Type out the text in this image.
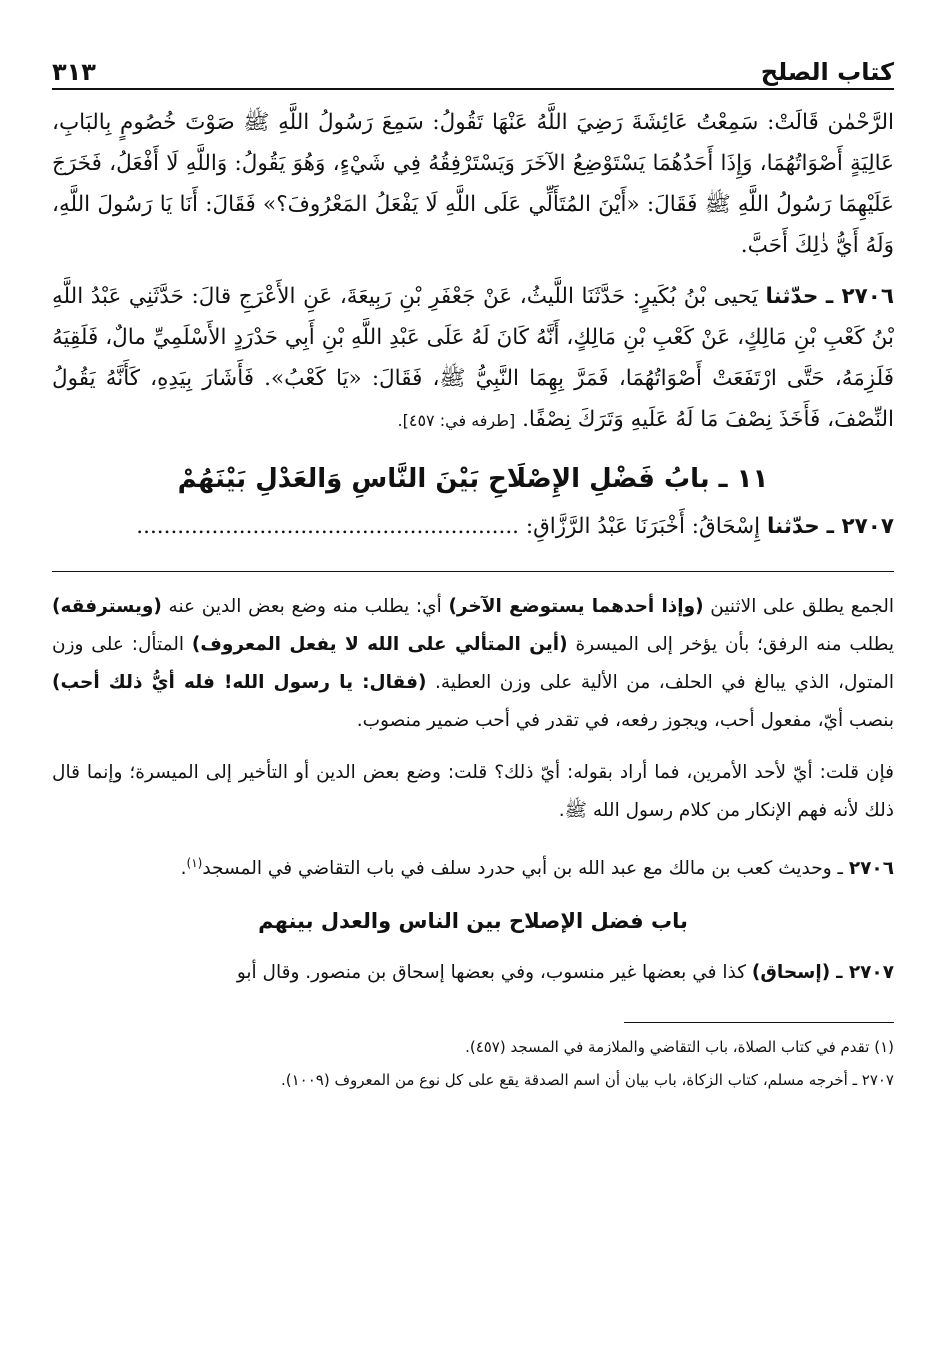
كتاب الصلح
٣١٣

الرَّحْمٰن قَالَتْ: سَمِعْتُ عَائِشَةَ رَضِيَ اللَّهُ عَنْهَا تَقُولُ: سَمِعَ رَسُولُ اللَّهِ ﷺ صَوْتَ خُصُومٍ بِالبَابِ، عَالِيَةٍ أَصْوَاتُهُمَا، وَإِذَا أَحَدُهُمَا يَسْتَوْضِعُ الآخَرَ وَيَسْتَرْفِقُهُ فِي شَيْءٍ، وَهُوَ يَقُولُ: وَاللَّهِ لَا أَفْعَلُ، فَخَرَجَ عَلَيْهِمَا رَسُولُ اللَّهِ ﷺ فَقَالَ: «أَيْنَ المُتَأَلِّي عَلَى اللَّهِ لَا يَفْعَلُ المَعْرُوفَ؟» فَقَالَ: أَنَا يَا رَسُولَ اللَّهِ، وَلَهُ أَيُّ ذٰلِكَ أَحَبَّ.

٢٧٠٦ ـ حدّثنا يَحيى بْنُ بُكَيرٍ: حَدَّثَنَا اللَّيثُ، عَنْ جَعْفَرِ بْنِ رَبِيعَةَ، عَنِ الأَعْرَجِ قالَ: حَدَّثَنِي عَبْدُ اللَّهِ بْنُ كَعْبِ بْنِ مَالِكٍ، عَنْ كَعْبِ بْنِ مَالِكٍ، أَنَّهُ كَانَ لَهُ عَلَى عَبْدِ اللَّهِ بْنِ أَبِي حَدْرَدٍ الأَسْلَمِيِّ مالٌ، فَلَقِيَهُ فَلَزِمَهُ، حَتَّى ارْتَفَعَتْ أَصْوَاتُهُمَا، فَمَرَّ بِهِمَا النَّبِيُّ ﷺ، فَقَالَ: «يَا كَعْبُ». فَأَشَارَ بِيَدِهِ، كَأَنَّهُ يَقُولُ النِّصْفَ، فَأَخَذَ نِصْفَ مَا لَهُ عَلَيهِ وَتَرَكَ نِصْفًا. [طرفه في: ٤٥٧].

١١ ـ بابُ فَضْلِ الإِصْلَاحِ بَيْنَ النَّاسِ وَالعَدْلِ بَيْنَهُمْ

٢٧٠٧ ـ حدّثنا إِسْحَاقُ: أَخْبَرَنَا عَبْدُ الرَّزَّاقِ: ........................................................

الجمع يطلق على الاثنين (وإذا أحدهما يستوضع الآخر) أي: يطلب منه وضع بعض الدين عنه (ويسترفقه) يطلب منه الرفق؛ بأن يؤخر إلى الميسرة (أين المتألي على الله لا يفعل المعروف) المتأل: على وزن المتول، الذي يبالغ في الحلف، من الألية على وزن العطية. (فقال: يا رسول الله! فله أيُّ ذلك أحب) بنصب أيّ، مفعول أحب، ويجوز رفعه، في تقدر في أحب ضمير منصوب.

فإن قلت: أيّ لأحد الأمرين، فما أراد بقوله: أيّ ذلك؟ قلت: وضع بعض الدين أو التأخير إلى الميسرة؛ وإنما قال ذلك لأنه فهم الإنكار من كلام رسول الله ﷺ.

٢٧٠٦ ـ وحديث كعب بن مالك مع عبد الله بن أبي حدرد سلف في باب التقاضي في المسجد$^{(١)}$.

باب فضل الإصلاح بين الناس والعدل بينهم

٢٧٠٧ ـ (إسحاق) كذا في بعضها غير منسوب، وفي بعضها إسحاق بن منصور. وقال أبو

(١) تقدم في كتاب الصلاة، باب التقاضي والملازمة في المسجد (٤٥٧).

٢٧٠٧ ـ أخرجه مسلم، كتاب الزكاة، باب بيان أن اسم الصدقة يقع على كل نوع من المعروف (١٠٠٩).
